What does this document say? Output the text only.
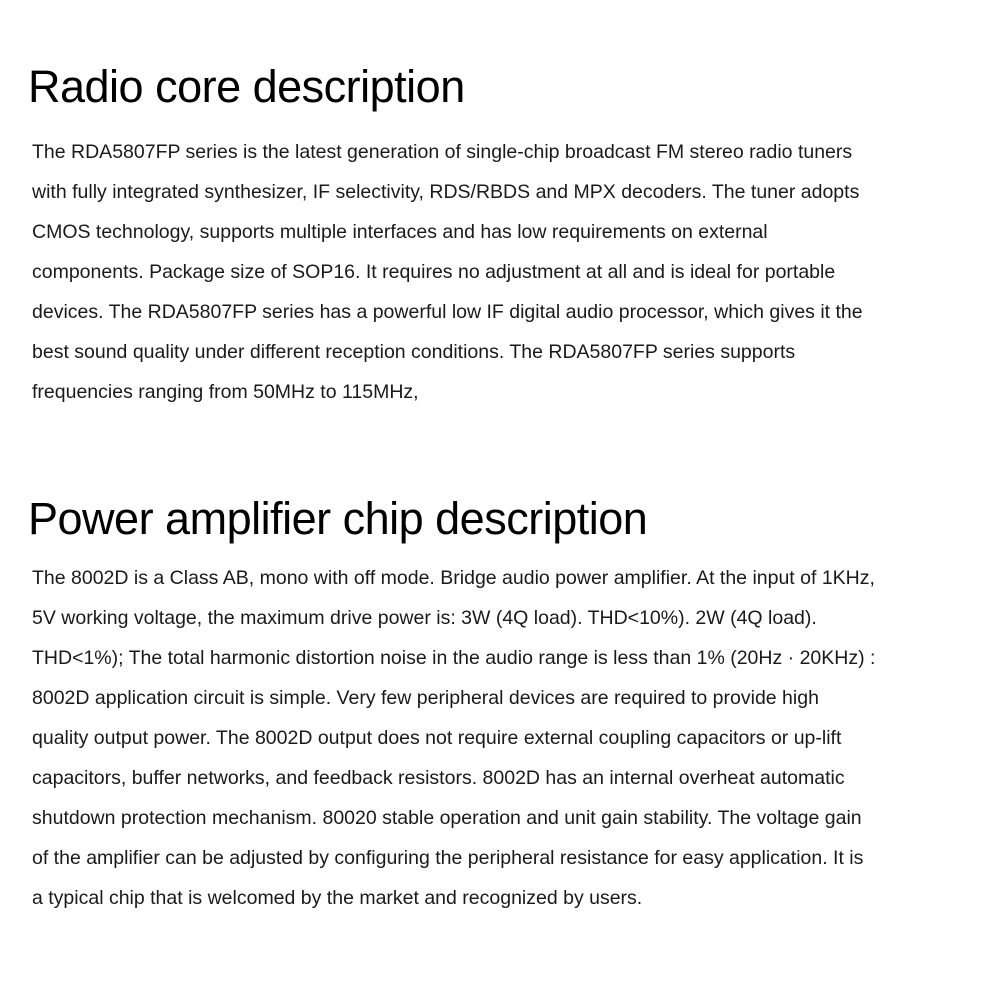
Radio core description

The RDA5807FP series is the latest generation of single-chip broadcast FM stereo radio tuners
with fully integrated synthesizer, IF selectivity, RDS/RBDS and MPX decoders. The tuner adopts
CMOS technology, supports multiple interfaces and has low requirements on external
components. Package size of SOP16. It requires no adjustment at all and is ideal for portable
devices. The RDA5807FP series has a powerful low IF digital audio processor, which gives it the
best sound quality under different reception conditions. The RDA5807FP series supports
frequencies ranging from 50MHz to 115MHz,

Power amplifier chip description

The 8002D is a Class AB, mono with off mode. Bridge audio power amplifier. At the input of 1KHz,
5V working voltage, the maximum drive power is: 3W (4Q load). THD<10%). 2W (4Q load).
THD<1%); The total harmonic distortion noise in the audio range is less than 1% (20Hz · 20KHz) :
8002D application circuit is simple. Very few peripheral devices are required to provide high
quality output power. The 8002D output does not require external coupling capacitors or up-lift
capacitors, buffer networks, and feedback resistors. 8002D has an internal overheat automatic
shutdown protection mechanism. 80020 stable operation and unit gain stability. The voltage gain
of the amplifier can be adjusted by configuring the peripheral resistance for easy application. It is
a typical chip that is welcomed by the market and recognized by users.
